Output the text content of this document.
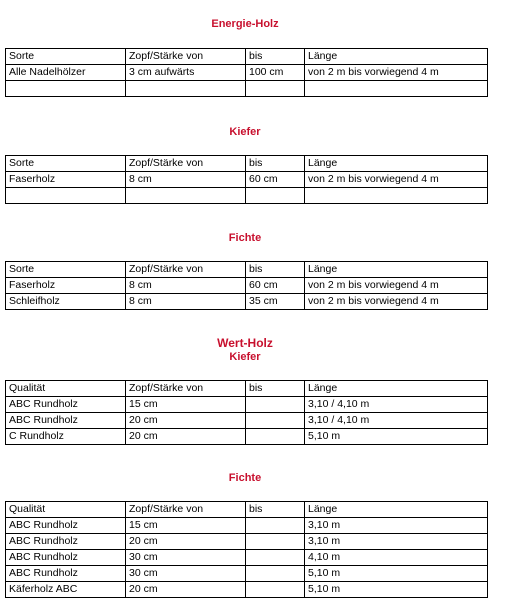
Energie-Holz
Sorte	Zopf/Stärke von	bis	Länge
Alle Nadelhölzer	3 cm aufwärts	100 cm	von 2 m bis vorwiegend 4 m

Kiefer
Sorte	Zopf/Stärke von	bis	Länge
Faserholz	8 cm	60 cm	von 2 m bis vorwiegend 4 m

Fichte
Sorte	Zopf/Stärke von	bis	Länge
Faserholz	8 cm	60 cm	von 2 m bis vorwiegend 4 m
Schleifholz	8 cm	35 cm	von 2 m bis vorwiegend 4 m
Wert-Holz
Kiefer
Qualität	Zopf/Stärke von	bis	Länge
ABC Rundholz	15 cm		3,10 / 4,10 m
ABC Rundholz	20 cm		3,10 / 4,10 m
C Rundholz	20 cm		5,10 m
Fichte
Qualität	Zopf/Stärke von	bis	Länge
ABC Rundholz	15 cm		3,10 m
ABC Rundholz	20 cm		3,10 m
ABC Rundholz	30 cm		4,10 m
ABC Rundholz	30 cm		5,10 m
Käferholz ABC	20 cm		5,10 m
